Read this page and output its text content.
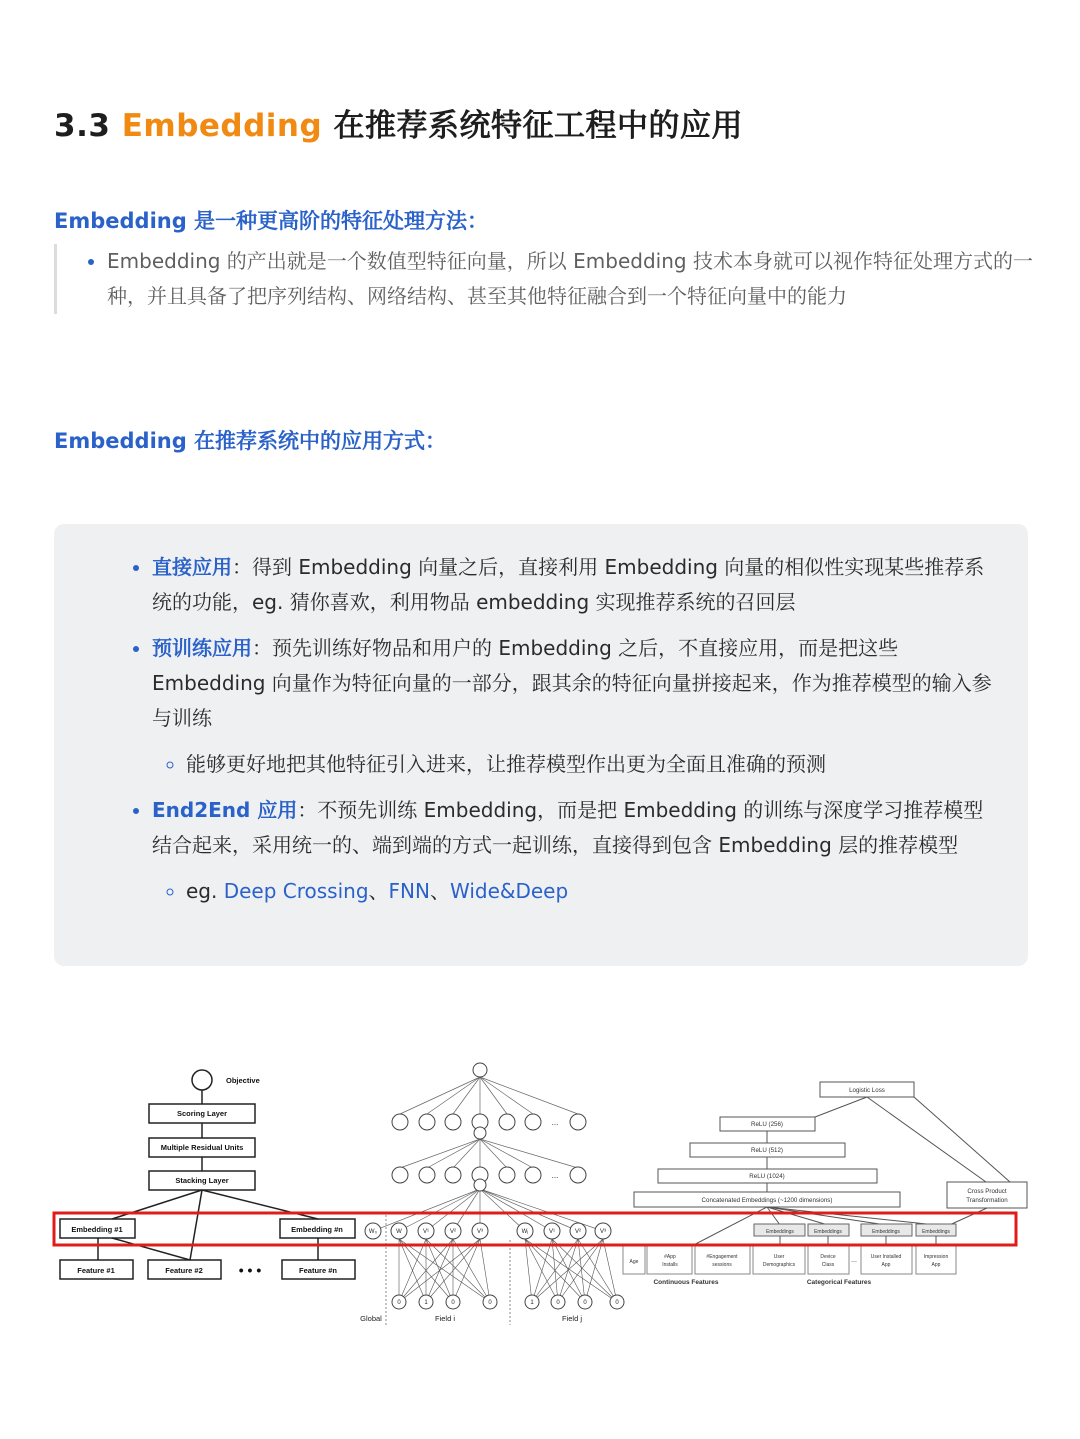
3.3 Embedding 在推荐系统特征工程中的应用
Embedding 是一种更高阶的特征处理方法：
• Embedding 的产出就是一个数值型特征向量，所以 Embedding 技术本身就可以视作特征处理方式的一种，并且具备了把序列结构、网络结构、甚至其他特征融合到一个特征向量中的能力
Embedding 在推荐系统中的应用方式：
• 直接应用：得到 Embedding 向量之后，直接利用 Embedding 向量的相似性实现某些推荐系统的功能，eg. 猜你喜欢，利用物品 embedding 实现推荐系统的召回层
• 预训练应用：预先训练好物品和用户的 Embedding 之后，不直接应用，而是把这些 Embedding 向量作为特征向量的一部分，跟其余的特征向量拼接起来，作为推荐模型的输入参与训练
◦ 能够更好地把其他特征引入进来，让推荐模型作出更为全面且准确的预测
• End2End 应用：不预先训练 Embedding，而是把 Embedding 的训练与深度学习推荐模型结合起来，采用统一的、端到端的方式一起训练，直接得到包含 Embedding 层的推荐模型
◦ eg. Deep Crossing、FNN、Wide&Deep
Objective
Scoring Layer
Multiple Residual Units
Stacking Layer
Embedding #1	Embedding #n
Feature #1	Feature #2	Feature #n
• • •
W₀	W	V¹	V²	V³	Wⱼ	V¹	V²	V³
0	1	0	0	1	0	0	0
...
...
Global	Field i	Field j
Logistic Loss
ReLU (256)
ReLU (512)
ReLU (1024)
Concatenated Embeddings (~1200 dimensions)
Cross Product
Transformation
Embeddings	Embeddings	Embeddings	Embeddings
Age
#App
Installs
#Engagement
sessions
User
Demographics
Device
Class
...	User Installed
App
Impression
App
Continuous Features	Categorical Features
